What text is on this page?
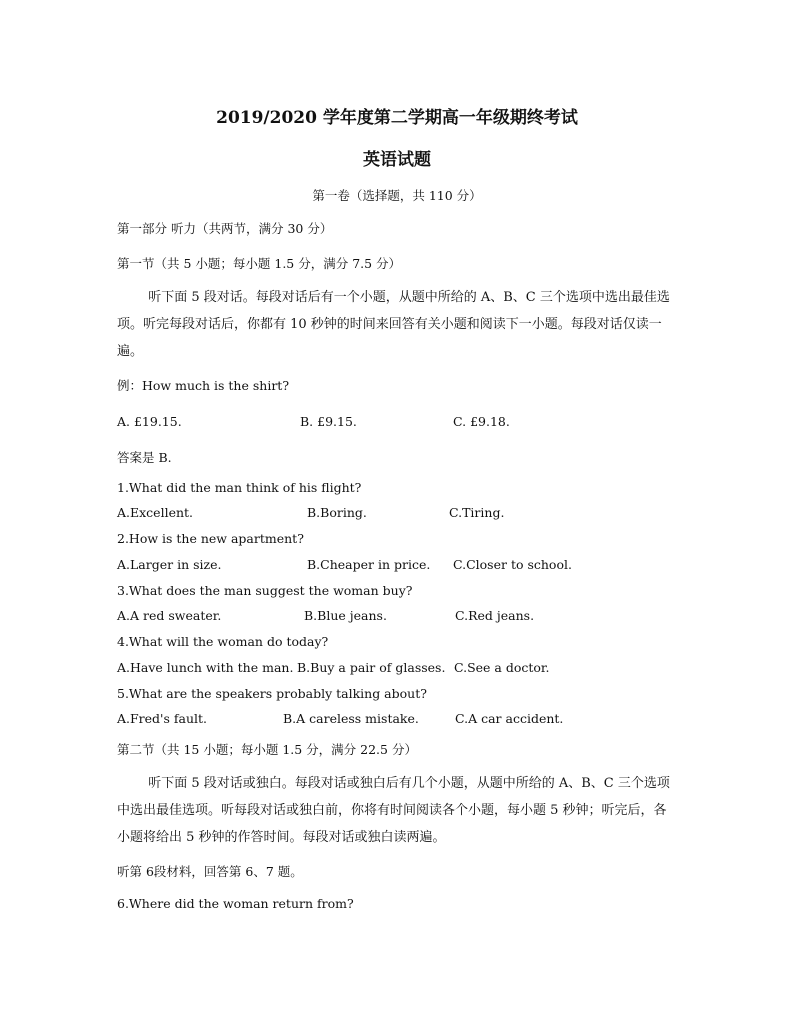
2019/2020 学年度第二学期高一年级期终考试
英语试题
第一卷（选择题，共 110 分）
第一部分 听力（共两节，满分 30 分）
第一节（共 5 小题；每小题 1.5 分，满分 7.5 分）
听下面 5 段对话。每段对话后有一个小题，从题中所给的 A、B、C 三个选项中选出最佳选项。听完每段对话后，你都有 10 秒钟的时间来回答有关小题和阅读下一小题。每段对话仅读一遍。
例：How much is the shirt?
A. £19.15.	B. £9.15.	C. £9.18.
答案是 B.
1.What did the man think of his flight?
A.Excellent.	B.Boring.	C.Tiring.
2.How is the new apartment?
A.Larger in size.	B.Cheaper in price. C.Closer to school.
3.What does the man suggest the woman buy?
A.A red sweater.	B.Blue jeans.	C.Red jeans.
4.What will the woman do today?
A.Have lunch with the man. B.Buy a pair of glasses. C.See a doctor.
5.What are the speakers probably talking about?
A.Fred's fault.	B.A careless mistake.	C.A car accident.
第二节（共 15 小题；每小题 1.5 分，满分 22.5 分）
听下面 5 段对话或独白。每段对话或独白后有几个小题，从题中所给的 A、B、C 三个选项中选出最佳选项。听每段对话或独白前，你将有时间阅读各个小题，每小题 5 秒钟；听完后，各小题将给出 5 秒钟的作答时间。每段对话或独白读两遍。
听第 6段材料，回答第 6、7 题。
6.Where did the woman return from?
